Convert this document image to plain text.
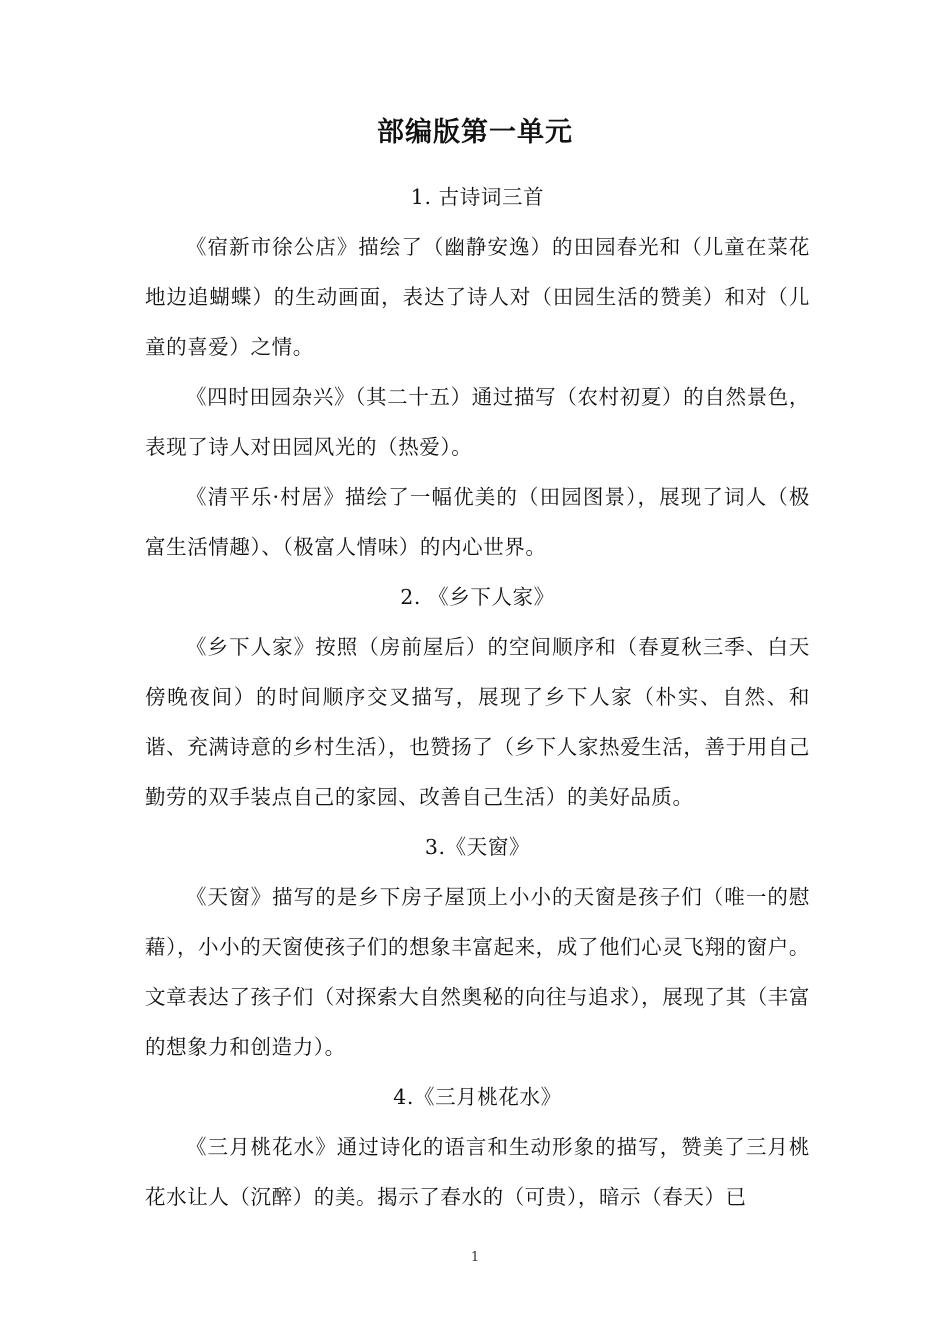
部编版第一单元

1. 古诗词三首

《宿新市徐公店》描绘了（幽静安逸）的田园春光和（儿童在菜花地边追蝴蝶）的生动画面，表达了诗人对（田园生活的赞美）和对（儿童的喜爱）之情。

《四时田园杂兴》（其二十五）通过描写（农村初夏）的自然景色，表现了诗人对田园风光的（热爱）。

《清平乐·村居》描绘了一幅优美的（田园图景），展现了词人（极富生活情趣）、（极富人情味）的内心世界。

2. 《乡下人家》

《乡下人家》按照（房前屋后）的空间顺序和（春夏秋三季、白天傍晚夜间）的时间顺序交叉描写，展现了乡下人家（朴实、自然、和谐、充满诗意的乡村生活），也赞扬了（乡下人家热爱生活，善于用自己勤劳的双手装点自己的家园、改善自己生活）的美好品质。

3.《天窗》

《天窗》描写的是乡下房子屋顶上小小的天窗是孩子们（唯一的慰藉），小小的天窗使孩子们的想象丰富起来，成了他们心灵飞翔的窗户。文章表达了孩子们（对探索大自然奥秘的向往与追求），展现了其（丰富的想象力和创造力）。

4.《三月桃花水》

《三月桃花水》通过诗化的语言和生动形象的描写，赞美了三月桃花水让人（沉醉）的美。揭示了春水的（可贵），暗示（春天）已

1
